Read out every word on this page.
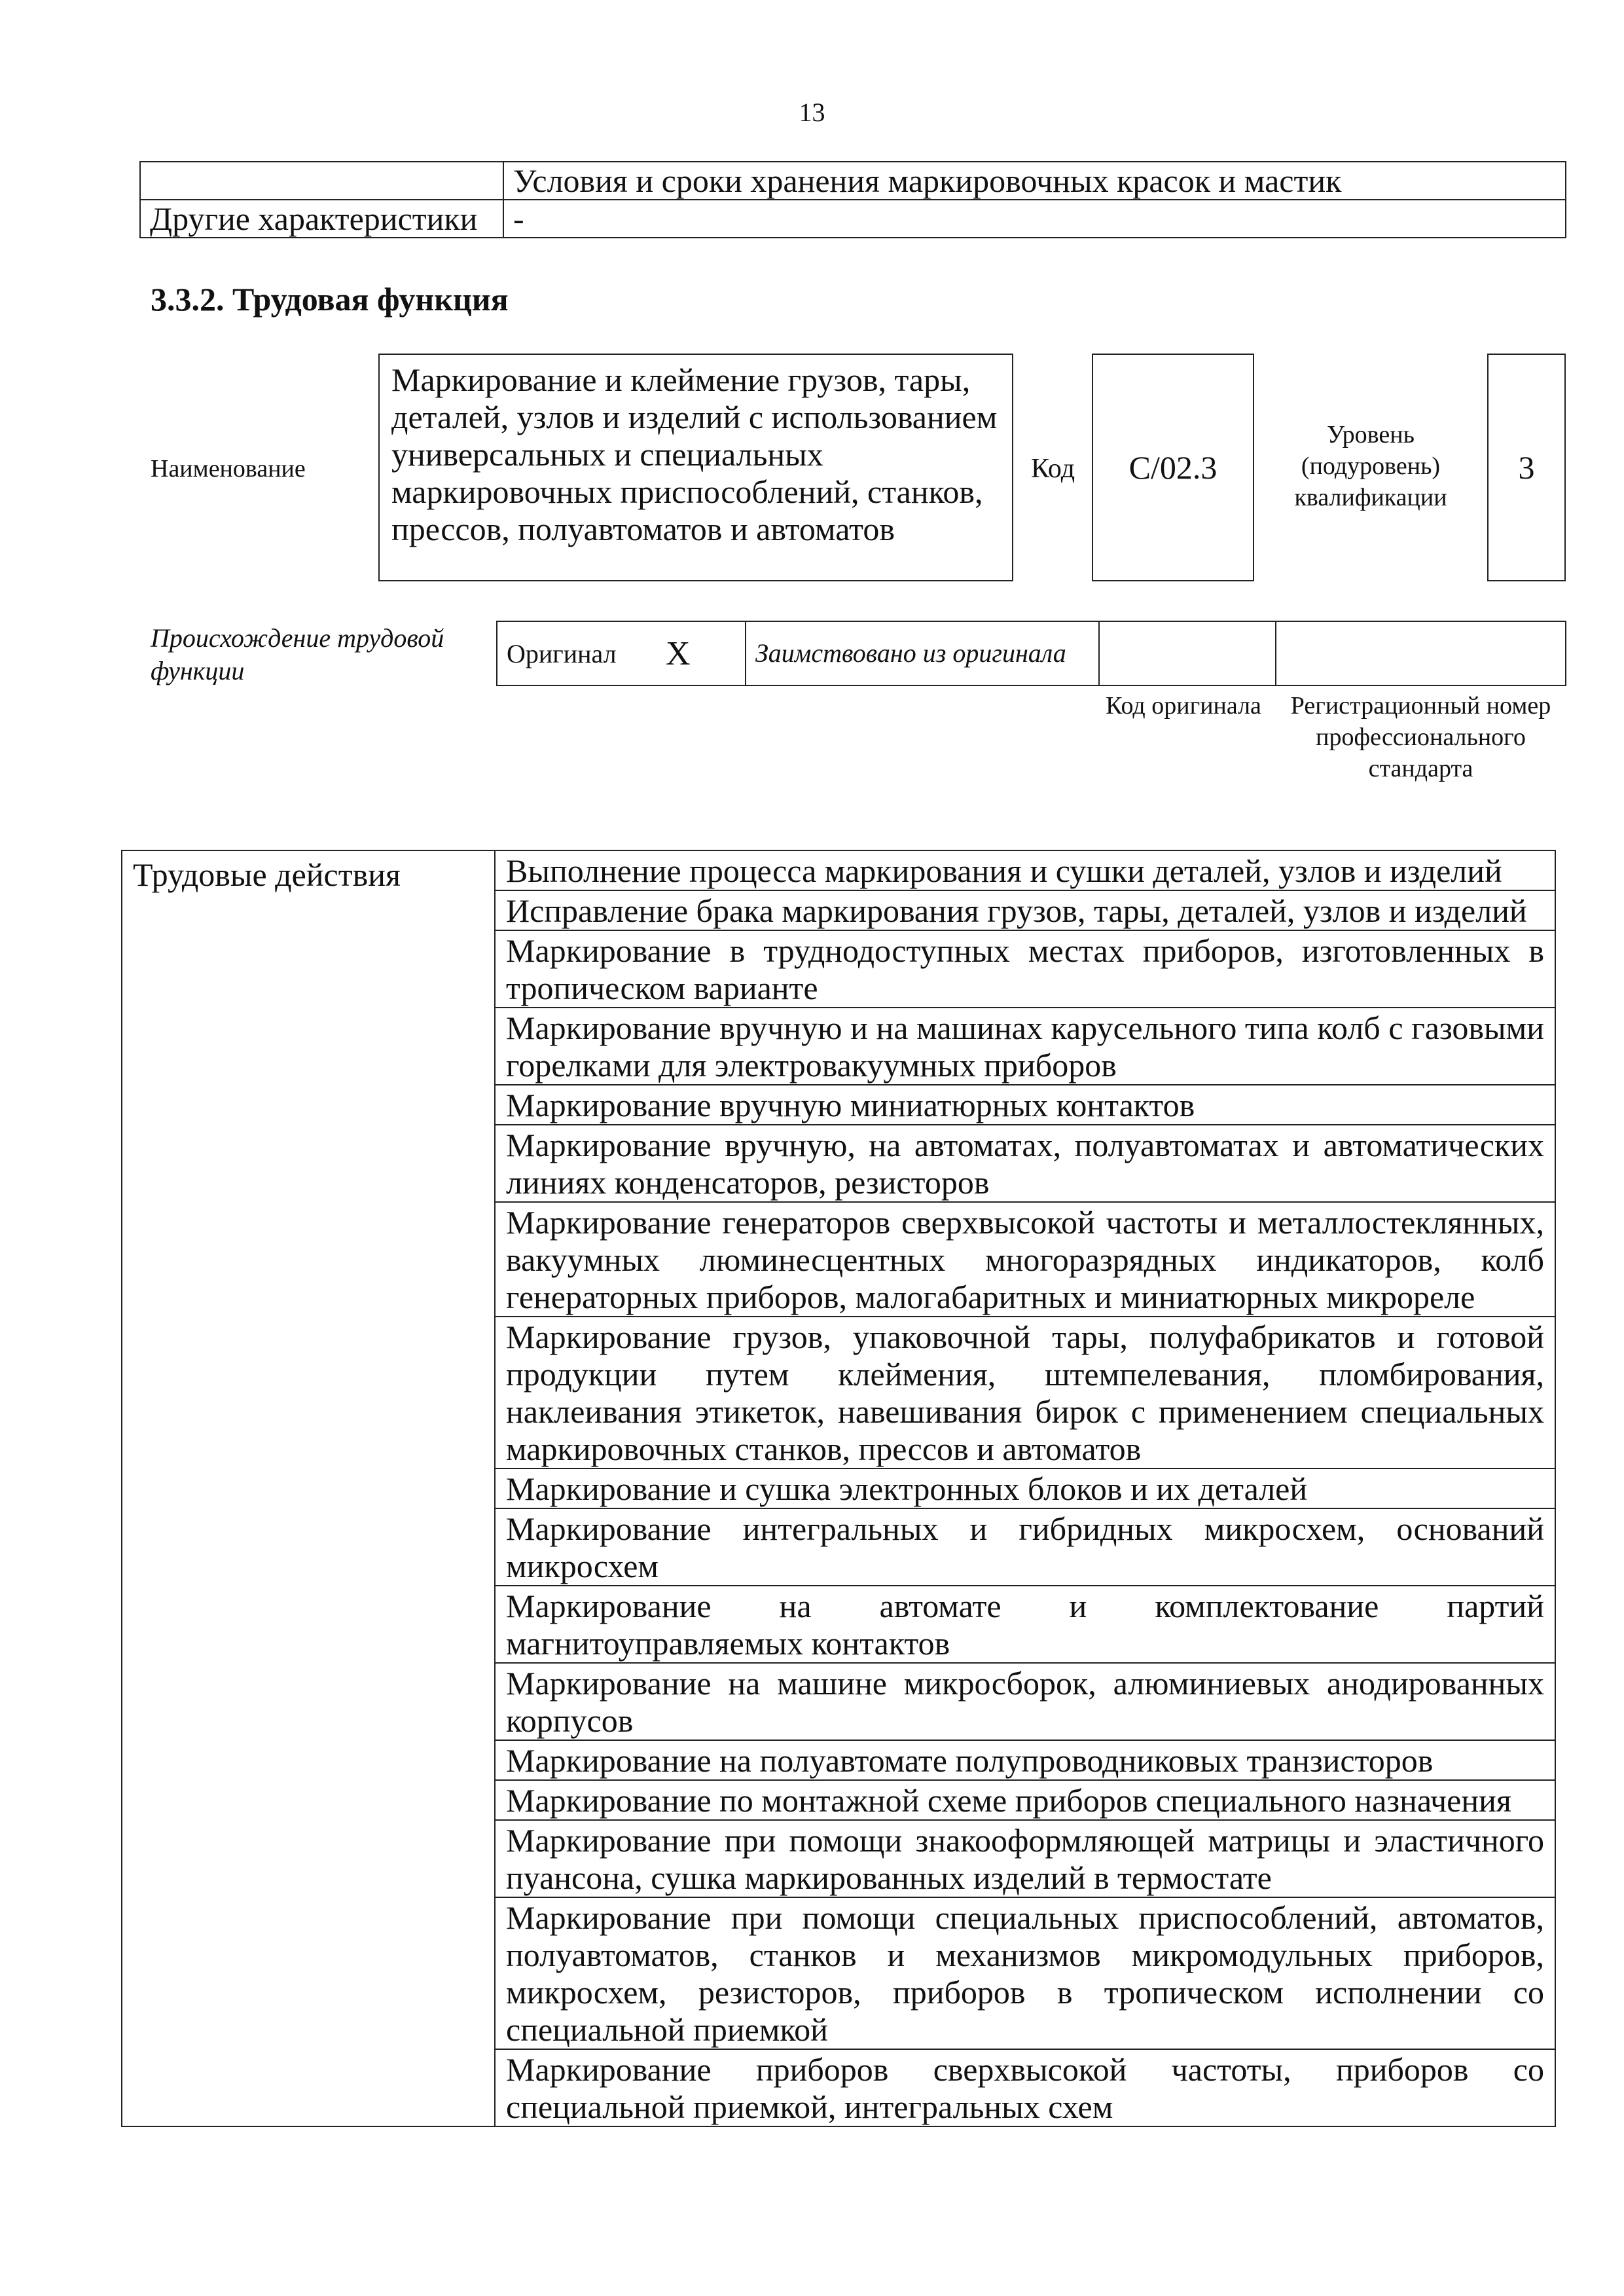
13
	Условия и сроки хранения маркировочных красок и мастик
Другие характеристики	-
3.3.2. Трудовая функция
Наименование
Маркирование и клеймение грузов, тары, деталей, узлов и изделий с использованием универсальных и специальных маркировочных приспособлений, станков, прессов, полуавтоматов и автоматов
Код С/02.3
Уровень (подуровень) квалификации
3
Происхождение трудовой функции
Оригинал	X	Заимствовано из оригинала		
Код оригинала	Регистрационный номер профессионального стандарта
Трудовые действия	Выполнение процесса маркирования и сушки деталей, узлов и изделий
Исправление брака маркирования грузов, тары, деталей, узлов и изделий
Маркирование в труднодоступных местах приборов, изготовленных в тропическом варианте
Маркирование вручную и на машинах карусельного типа колб с газовыми горелками для электровакуумных приборов
Маркирование вручную миниатюрных контактов
Маркирование вручную, на автоматах, полуавтоматах и автоматических линиях конденсаторов, резисторов
Маркирование генераторов сверхвысокой частоты и металлостеклянных, вакуумных люминесцентных многоразрядных индикаторов, колб генераторных приборов, малогабаритных и миниатюрных микрореле
Маркирование грузов, упаковочной тары, полуфабрикатов и готовой продукции путем клеймения, штемпелевания, пломбирования, наклеивания этикеток, навешивания бирок с применением специальных маркировочных станков, прессов и автоматов
Маркирование и сушка электронных блоков и их деталей
Маркирование интегральных и гибридных микросхем, оснований микросхем
Маркирование на автомате и комплектование партий магнитоуправляемых контактов
Маркирование на машине микросборок, алюминиевых анодированных корпусов
Маркирование на полуавтомате полупроводниковых транзисторов
Маркирование по монтажной схеме приборов специального назначения
Маркирование при помощи знакооформляющей матрицы и эластичного пуансона, сушка маркированных изделий в термостате
Маркирование при помощи специальных приспособлений, автоматов, полуавтоматов, станков и механизмов микромодульных приборов, микросхем, резисторов, приборов в тропическом исполнении со специальной приемкой
Маркирование приборов сверхвысокой частоты, приборов со специальной приемкой, интегральных схем
